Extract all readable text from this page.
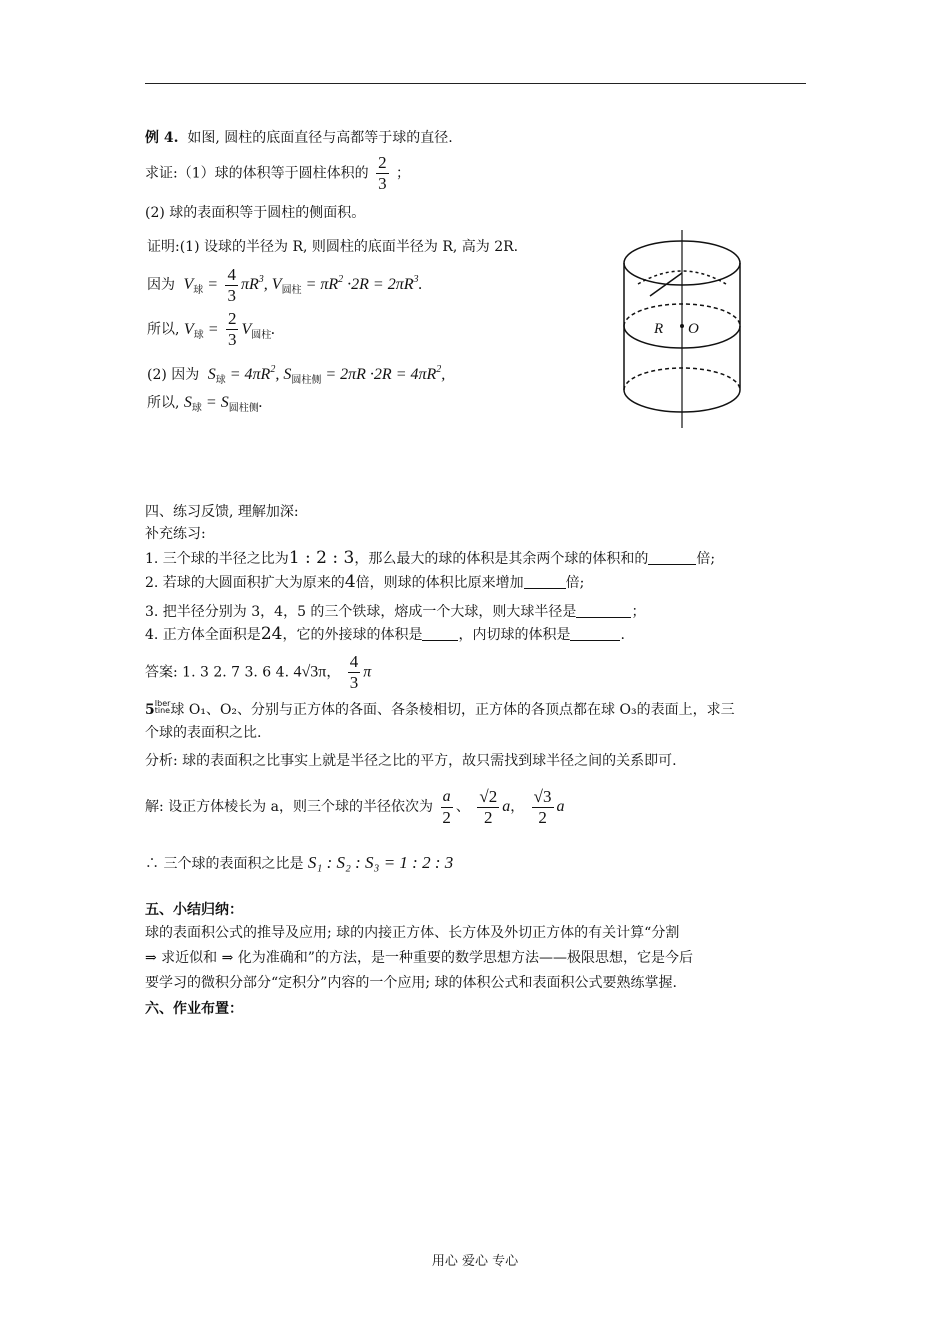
例 4. 如图, 圆柱的底面直径与高都等于球的直径.
求证:（1）球的体积等于圆柱体积的 $\frac{2}{3}$ ；
(2) 球的表面积等于圆柱的侧面积。
证明:(1) 设球的半径为 R, 则圆柱的底面半径为 R, 高为 2R.
因为  $V_球 = \frac{4}{3} \pi R^3$, $V_{圆柱} = \pi R^2 \cdot 2R = 2\pi R^3$.
所以, $V_球 = \frac{2}{3} V_{圆柱}$.
(2) 因为  $S_球 = 4\pi R^2$, $S_{圆柱侧} = 2\pi R \cdot 2R = 4\pi R^2$,
所以, $S_球 = S_{圆柱侧}$.
R O
四、练习反馈, 理解加深:
补充练习:
1. 三个球的半径之比为1 : 2 : 3，那么最大的球的体积是其余两个球的体积和的	倍;
2. 若球的大圆面积扩大为原来的4倍，则球的体积比原来增加	倍;
3. 把半径分别为 3，4，5 的三个铁球，熔成一个大球，则大球半径是	；
4. 正方体全面积是24，它的外接球的体积是	，内切球的体积是	.
答案: 1. 3 2. 7 3. 6 4. 4√3π， $\frac{4}{3}$ π
5Iber
tine球 O₁、O₂、分别与正方体的各面、各条棱相切，正方体的各顶点都在球 O₃的表面上，求三
个球的表面积之比.
分析: 球的表面积之比事实上就是半径之比的平方，故只需找到球半径之间的关系即可.
解: 设正方体棱长为 a，则三个球的半径依次为 $\frac{a}{2}$ 、 $\frac{√2}{2}$ a， $\frac{√3}{2}$ a
∴ 三个球的表面积之比是 S₁ : S₂ : S₃ = 1 : 2 : 3
五、小结归纳：
球的表面积公式的推导及应用; 球的内接正方体、长方体及外切正方体的有关计算“分割
⇒ 求近似和 ⇒ 化为准确和”的方法，是一种重要的数学思想方法——极限思想，它是今后
要学习的微积分部分“定积分”内容的一个应用; 球的体积公式和表面积公式要熟练掌握.
六、作业布置：
用心 爱心 专心
